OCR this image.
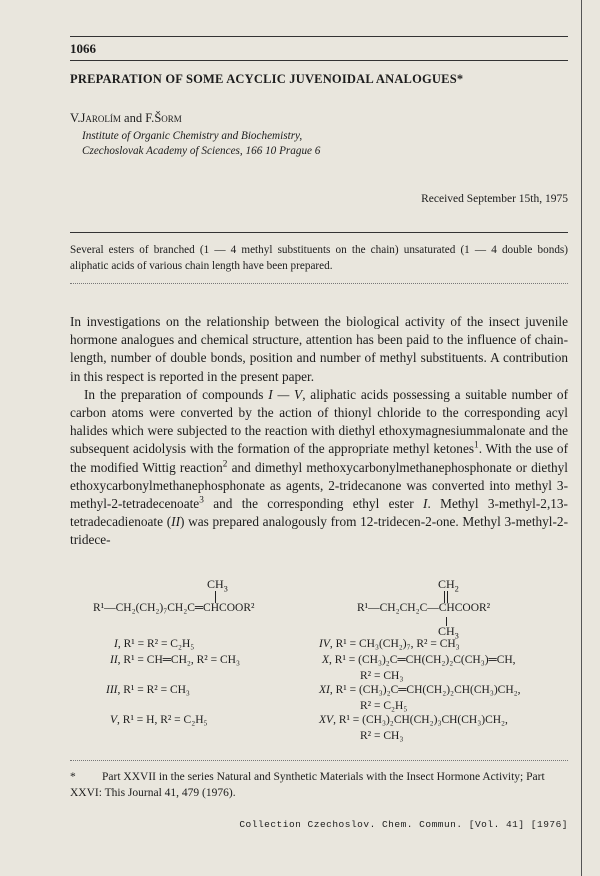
1066
PREPARATION OF SOME ACYCLIC JUVENOIDAL ANALOGUES*
V.Jarolím and F.Šorm
Institute of Organic Chemistry and Biochemistry,
Czechoslovak Academy of Sciences, 166 10 Prague 6
Received September 15th, 1975
Several esters of branched (1 — 4 methyl substituents on the chain) unsaturated (1 — 4 double bonds) aliphatic acids of various chain length have been prepared.

In investigations on the relationship between the biological activity of the insect juvenile hormone analogues and chemical structure, attention has been paid to the influence of chain-length, number of double bonds, position and number of methyl substituents. A contribution in this respect is reported in the present paper.

In the preparation of compounds I — V, aliphatic acids possessing a suitable number of carbon atoms were converted by the action of thionyl chloride to the corresponding acyl halides which were subjected to the reaction with diethyl ethoxymagnesiummalonate and the subsequent acidolysis with the formation of the appropriate methyl ketones$^1$. With the use of the modified Wittig reaction$^2$ and dimethyl methoxycarbonylmethanephosphonate or diethyl ethoxycarbonylmethanephosphonate as agents, 2-tridecanone was converted into methyl 3-methyl-2-tetradecenoate$^3$ and the corresponding ethyl ester I. Methyl 3-methyl-2,13-tetradecadienoate (II) was prepared analogously from 12-tridecen-2-one. Methyl 3-methyl-2-tridece-

$CH_3$
R¹—CH₂(CH₂)₇CH₂C═CHCOOR²
$CH_2$
R¹—CH₂CH₂C—CHCOOR²
$CH_3$
I, R¹ = R² = C₂H₅
II, R¹ = CH═CH₂, R² = CH₃
III, R¹ = R² = CH₃
V, R¹ = H, R² = C₂H₅
IV, R¹ = CH₃(CH₂)₇, R² = CH₃
X, R¹ = (CH₃)₂C═CH(CH₂)₂C(CH₃)═CH,
R² = CH₃
XI, R¹ = (CH₃)₂C═CH(CH₂)₂CH(CH₃)CH₂,
R² = C₂H₅
XV, R¹ = (CH₃)₂CH(CH₂)₃CH(CH₃)CH₂,
R² = CH₃
*	Part XXVII in the series Natural and Synthetic Materials with the Insect Hormone Activity; Part XXVI: This Journal 41, 479 (1976).
Collection Czechoslov. Chem. Commun. [Vol. 41] [1976]
